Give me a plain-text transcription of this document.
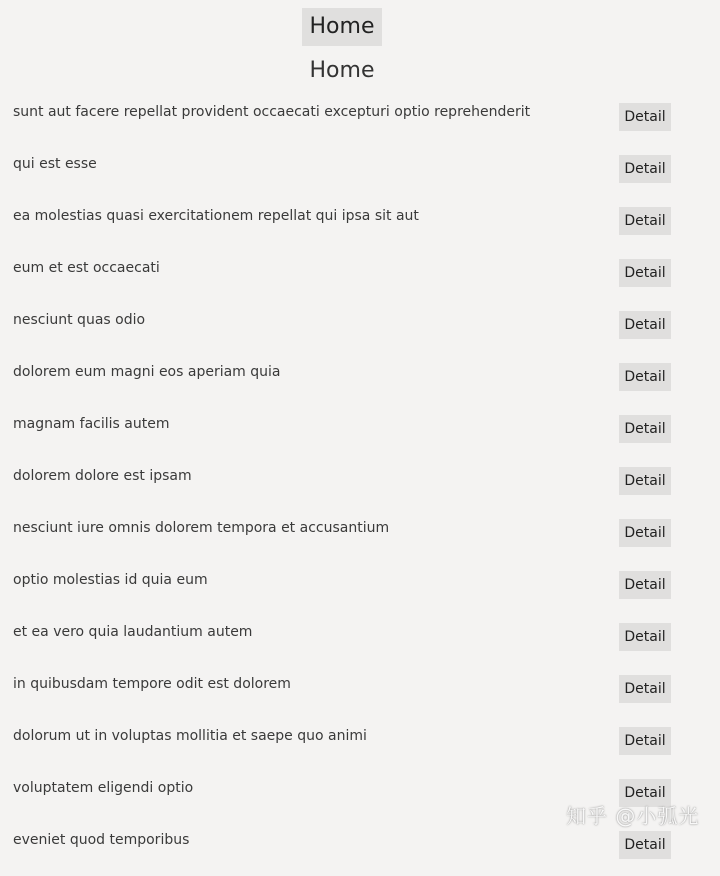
Home
Home
sunt aut facere repellat provident occaecati excepturi optio reprehenderit	Detail
qui est esse	Detail
ea molestias quasi exercitationem repellat qui ipsa sit aut	Detail
eum et est occaecati	Detail
nesciunt quas odio	Detail
dolorem eum magni eos aperiam quia	Detail
magnam facilis autem	Detail
dolorem dolore est ipsam	Detail
nesciunt iure omnis dolorem tempora et accusantium	Detail
optio molestias id quia eum	Detail
et ea vero quia laudantium autem	Detail
in quibusdam tempore odit est dolorem	Detail
dolorum ut in voluptas mollitia et saepe quo animi	Detail
voluptatem eligendi optio	Detail
eveniet quod temporibus	Detail
知乎 @小弧光
